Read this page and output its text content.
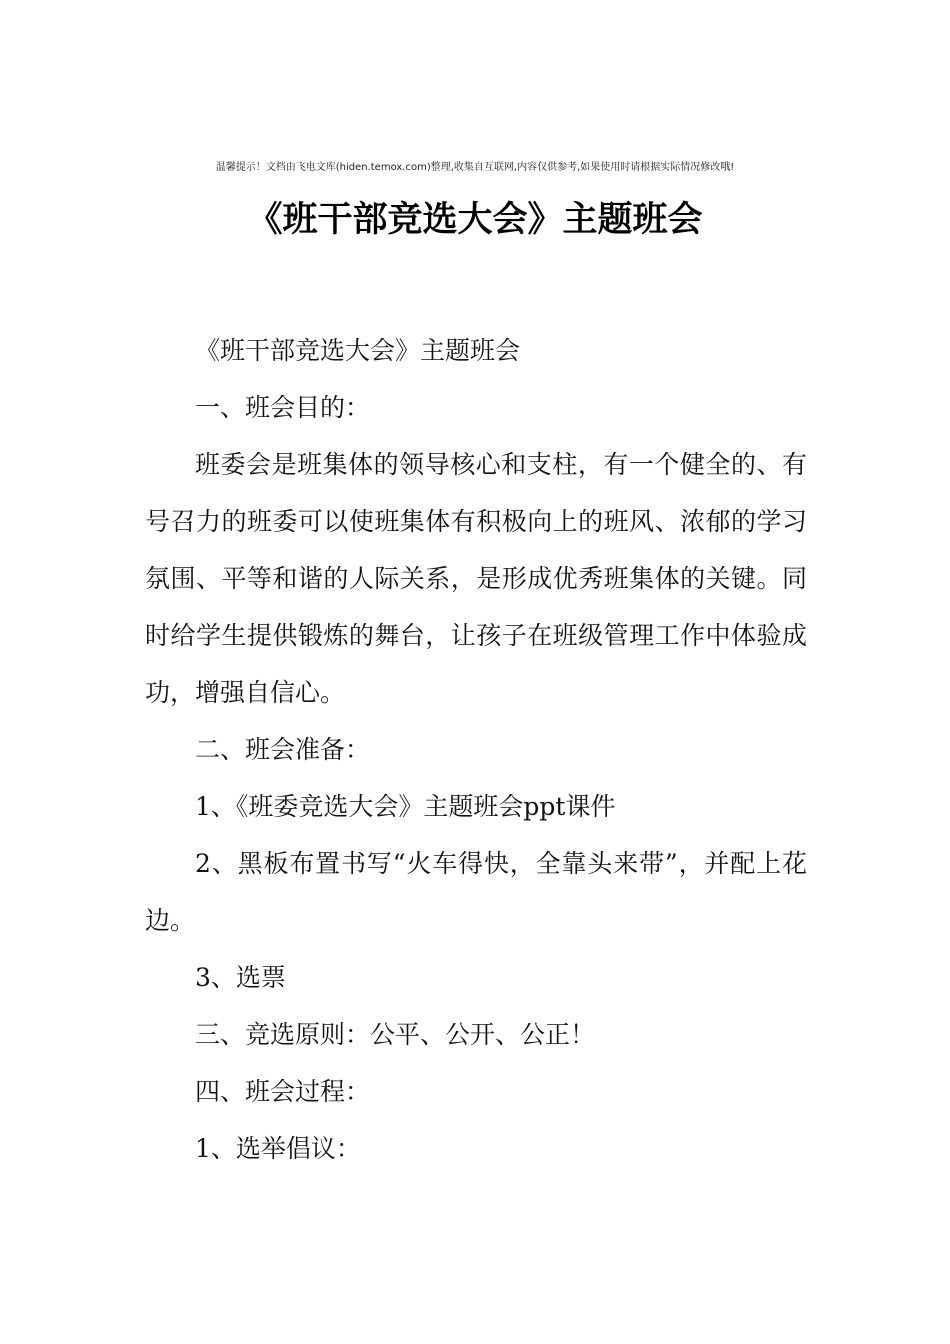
温馨提示！文档由飞电文库(hiden.temox.com)整理,收集自互联网,内容仅供参考,如果使用时请根据实际情况修改哦!
《班干部竞选大会》主题班会

《班干部竞选大会》主题班会

一、班会目的：

班委会是班集体的领导核心和支柱，有一个健全的、有号召力的班委可以使班集体有积极向上的班风、浓郁的学习氛围、平等和谐的人际关系，是形成优秀班集体的关键。同时给学生提供锻炼的舞台，让孩子在班级管理工作中体验成功，增强自信心。

二、班会准备：

1、《班委竞选大会》主题班会ppt课件

2、黑板布置书写“火车得快，全靠头来带”，并配上花边。

3、选票

三、竞选原则：公平、公开、公正！

四、班会过程：

1、选举倡议：
